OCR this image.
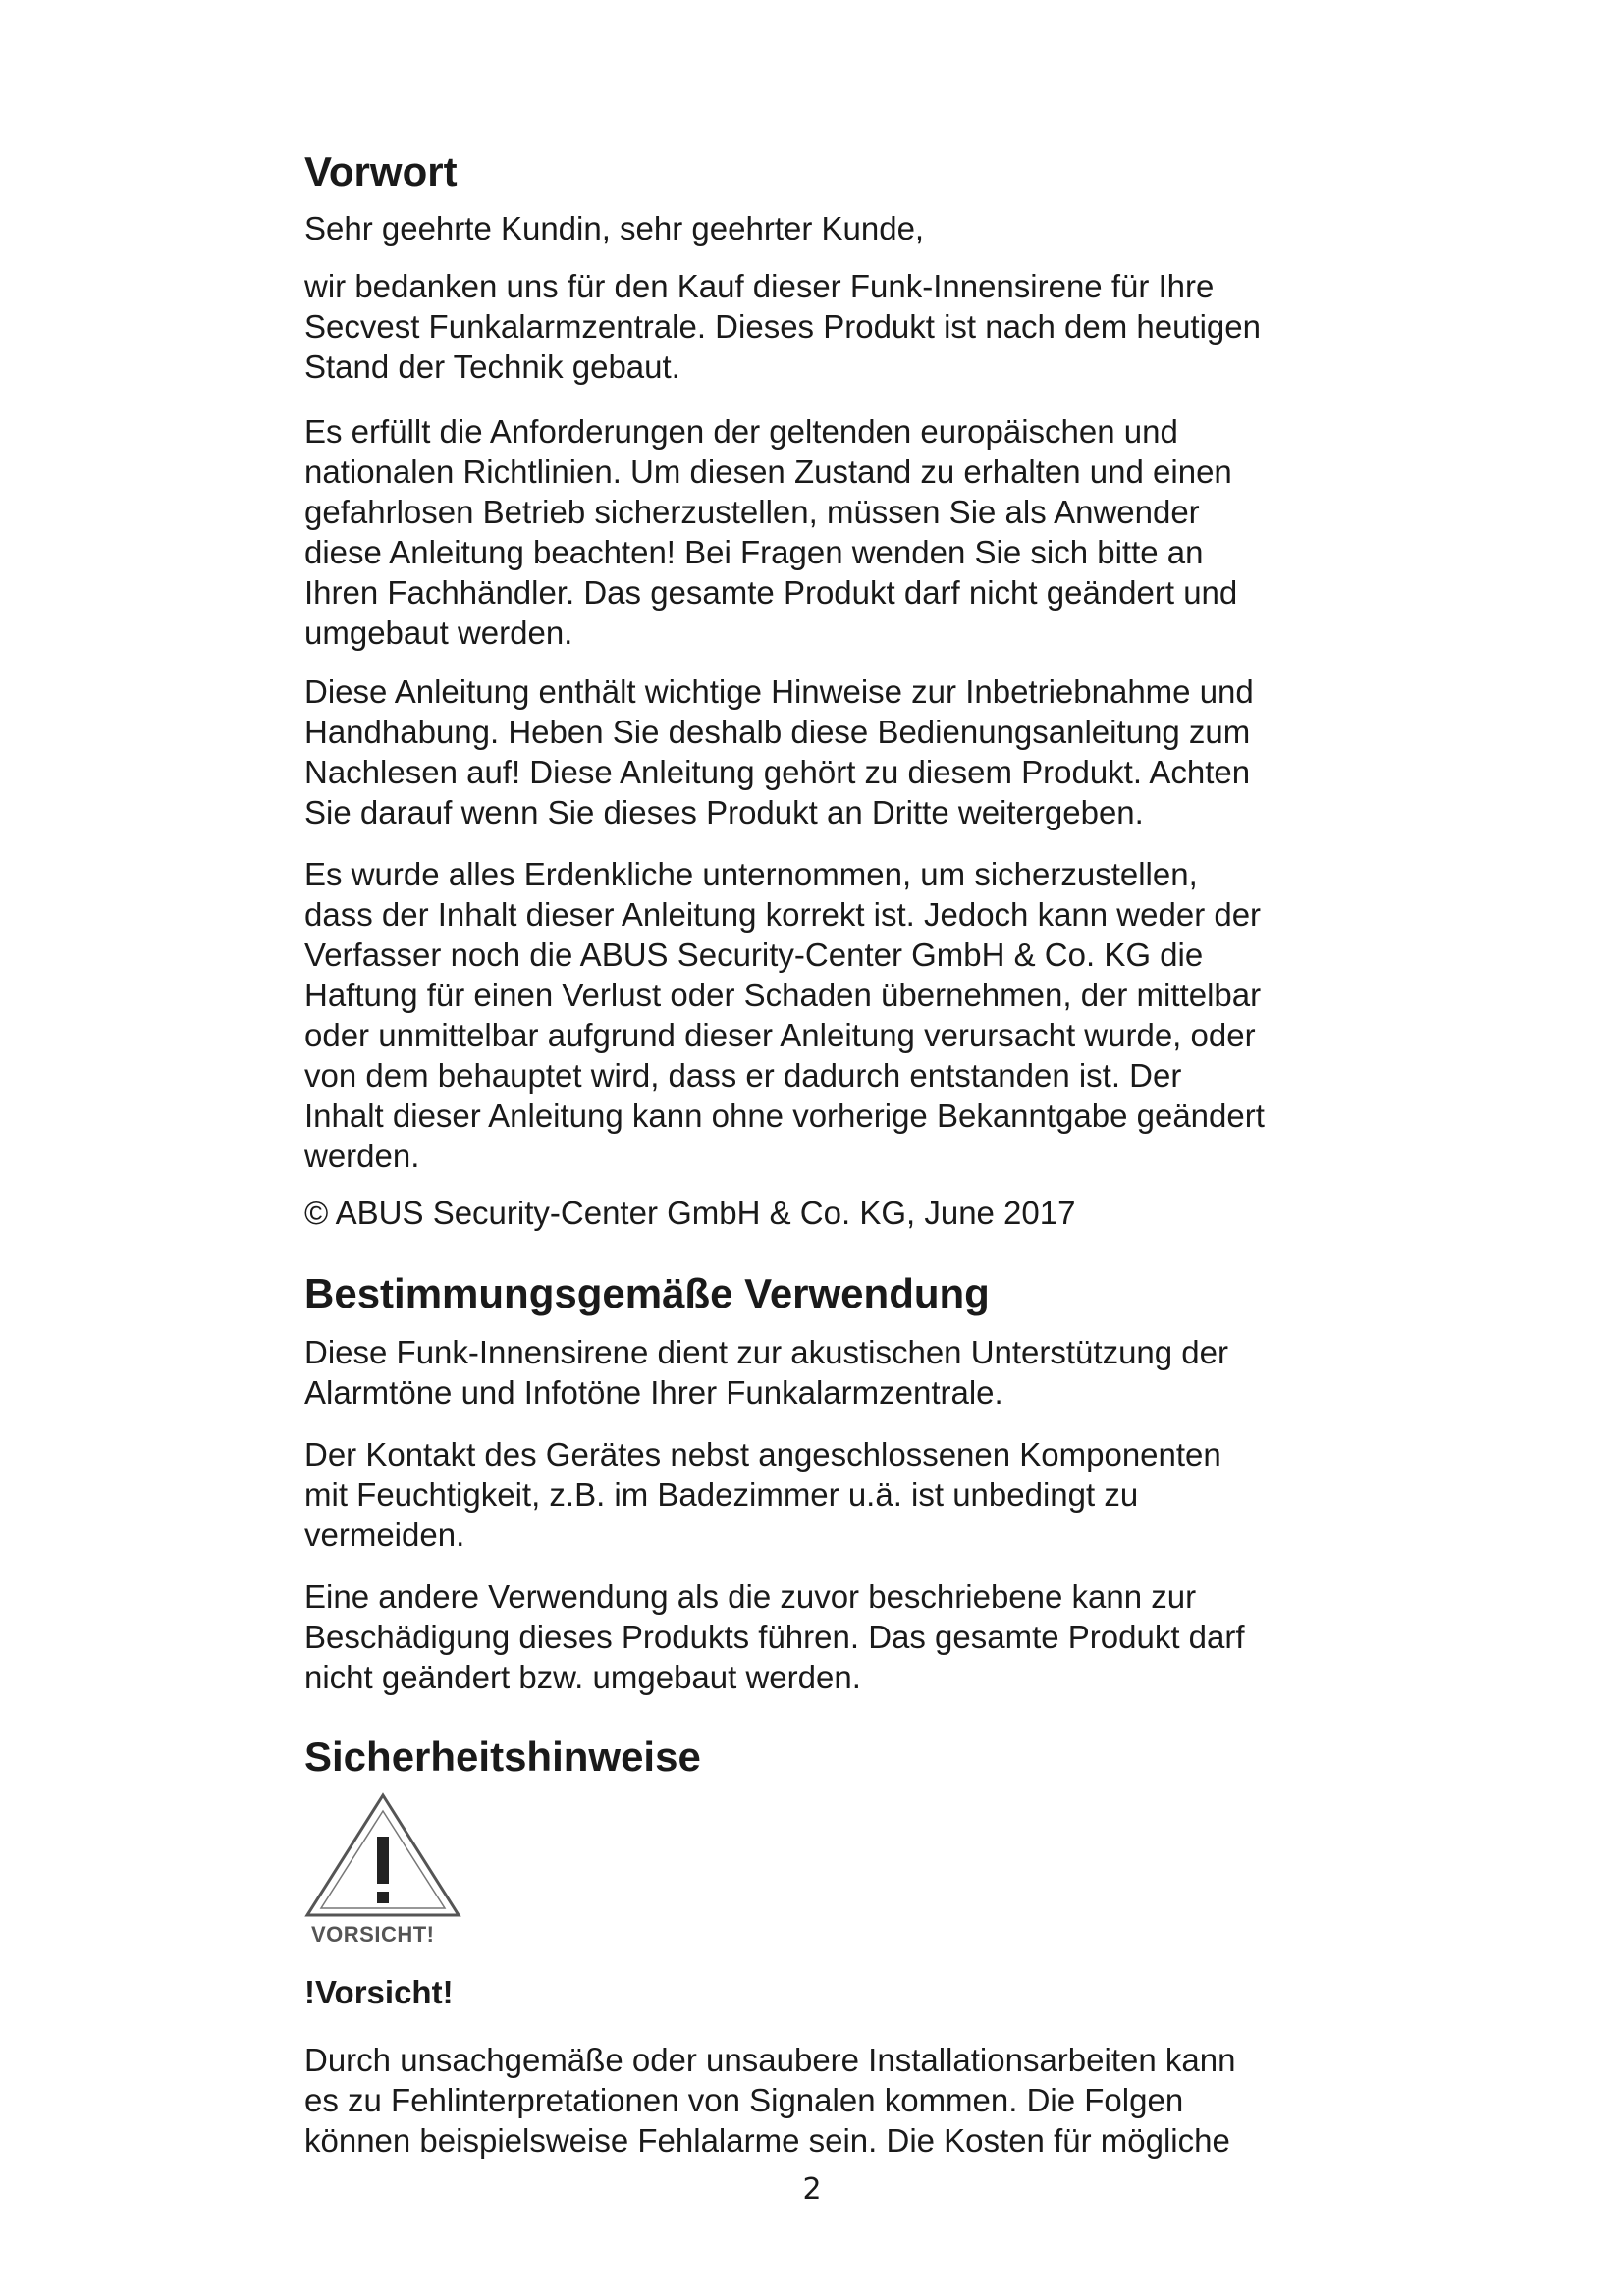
Vorwort

Sehr geehrte Kundin, sehr geehrter Kunde,

wir bedanken uns für den Kauf dieser Funk-Innensirene für Ihre
Secvest Funkalarmzentrale. Dieses Produkt ist nach dem heutigen
Stand der Technik gebaut.

Es erfüllt die Anforderungen der geltenden europäischen und
nationalen Richtlinien. Um diesen Zustand zu erhalten und einen
gefahrlosen Betrieb sicherzustellen, müssen Sie als Anwender
diese Anleitung beachten! Bei Fragen wenden Sie sich bitte an
Ihren Fachhändler. Das gesamte Produkt darf nicht geändert und
umgebaut werden.

Diese Anleitung enthält wichtige Hinweise zur Inbetriebnahme und
Handhabung. Heben Sie deshalb diese Bedienungsanleitung zum
Nachlesen auf! Diese Anleitung gehört zu diesem Produkt. Achten
Sie darauf wenn Sie dieses Produkt an Dritte weitergeben.

Es wurde alles Erdenkliche unternommen, um sicherzustellen,
dass der Inhalt dieser Anleitung korrekt ist. Jedoch kann weder der
Verfasser noch die ABUS Security-Center GmbH & Co. KG die
Haftung für einen Verlust oder Schaden übernehmen, der mittelbar
oder unmittelbar aufgrund dieser Anleitung verursacht wurde, oder
von dem behauptet wird, dass er dadurch entstanden ist. Der
Inhalt dieser Anleitung kann ohne vorherige Bekanntgabe geändert
werden.

© ABUS Security-Center GmbH & Co. KG, June 2017

Bestimmungsgemäße Verwendung

Diese Funk-Innensirene dient zur akustischen Unterstützung der
Alarmtöne und Infotöne Ihrer Funkalarmzentrale.

Der Kontakt des Gerätes nebst angeschlossenen Komponenten
mit Feuchtigkeit, z.B. im Badezimmer u.ä. ist unbedingt zu
vermeiden.

Eine andere Verwendung als die zuvor beschriebene kann zur
Beschädigung dieses Produkts führen. Das gesamte Produkt darf
nicht geändert bzw. umgebaut werden.

Sicherheitshinweise
VORSICHT!

!Vorsicht!

Durch unsachgemäße oder unsaubere Installationsarbeiten kann
es zu Fehlinterpretationen von Signalen kommen. Die Folgen
können beispielsweise Fehlalarme sein. Die Kosten für mögliche

2
